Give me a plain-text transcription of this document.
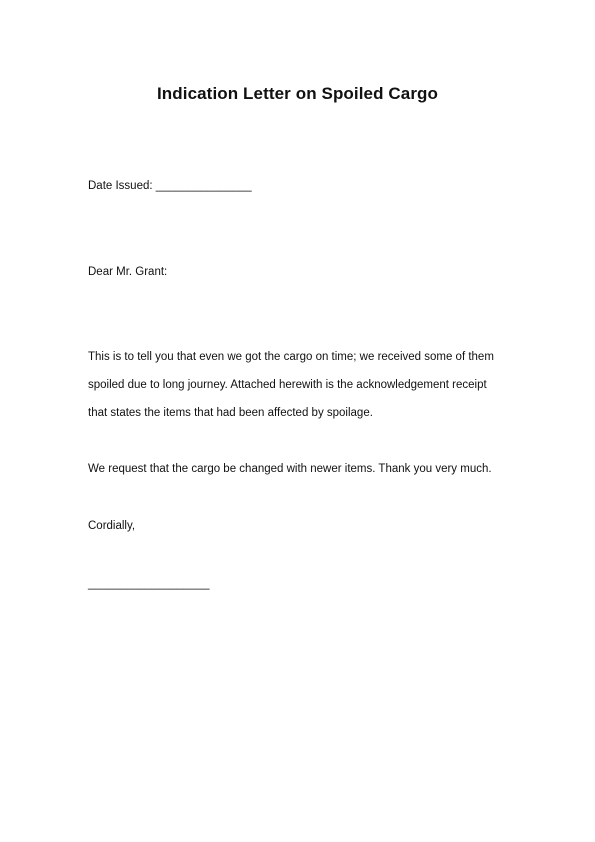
Indication Letter on Spoiled Cargo
Date Issued: _______________
Dear Mr. Grant:
This is to tell you that even we got the cargo on time; we received some of them
spoiled due to long journey. Attached herewith is the acknowledgement receipt
that states the items that had been affected by spoilage.
We request that the cargo be changed with newer items. Thank you very much.
Cordially,
___________________
